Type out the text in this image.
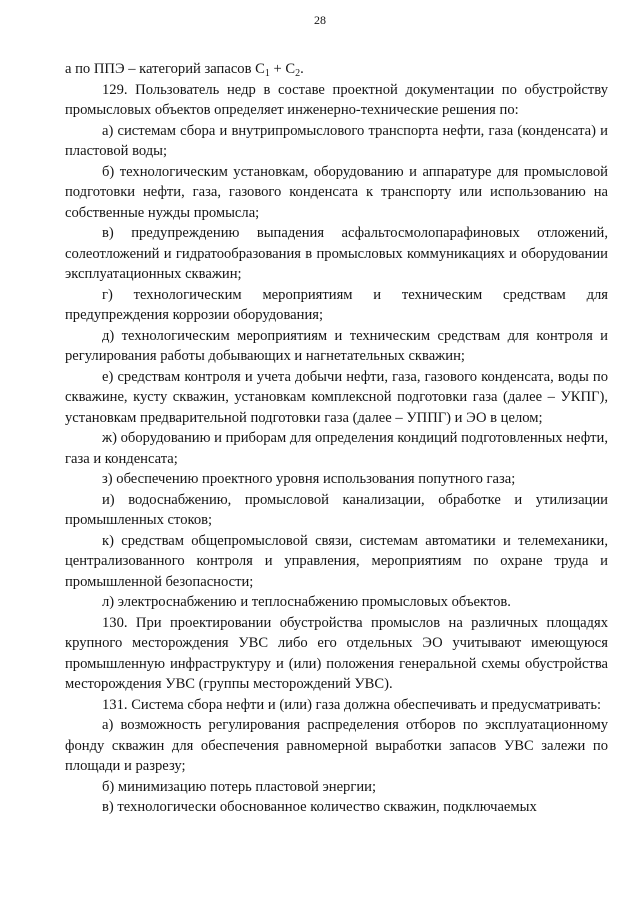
28

а по ППЭ – категорий запасов $С_1 + С_2$.

129. Пользователь недр в составе проектной документации по обустройству промысловых объектов определяет инженерно-технические решения по:

а) системам сбора и внутрипромыслового транспорта нефти, газа (конденсата) и пластовой воды;

б) технологическим установкам, оборудованию и аппаратуре для промысловой подготовки нефти, газа, газового конденсата к транспорту или использованию на собственные нужды промысла;

в) предупреждению выпадения асфальтосмолопарафиновых отложений, солеотложений и гидратообразования в промысловых коммуникациях и оборудовании эксплуатационных скважин;

г) технологическим мероприятиям и техническим средствам для предупреждения коррозии оборудования;

д) технологическим мероприятиям и техническим средствам для контроля и регулирования работы добывающих и нагнетательных скважин;

е) средствам контроля и учета добычи нефти, газа, газового конденсата, воды по скважине, кусту скважин, установкам комплексной подготовки газа (далее – УКПГ), установкам предварительной подготовки газа (далее – УППГ) и ЭО в целом;

ж) оборудованию и приборам для определения кондиций подготовленных нефти, газа и конденсата;

з) обеспечению проектного уровня использования попутного газа;

и) водоснабжению, промысловой канализации, обработке и утилизации промышленных стоков;

к) средствам общепромысловой связи, системам автоматики и телемеханики, централизованного контроля и управления, мероприятиям по охране труда и промышленной безопасности;

л) электроснабжению и теплоснабжению промысловых объектов.

130. При проектировании обустройства промыслов на различных площадях крупного месторождения УВС либо его отдельных ЭО учитывают имеющуюся промышленную инфраструктуру и (или) положения генеральной схемы обустройства месторождения УВС (группы месторождений УВС).

131. Система сбора нефти и (или) газа должна обеспечивать и предусматривать:

а) возможность регулирования распределения отборов по эксплуатационному фонду скважин для обеспечения равномерной выработки запасов УВС залежи по площади и разрезу;

б) минимизацию потерь пластовой энергии;

в) технологически обоснованное количество скважин, подключаемых
